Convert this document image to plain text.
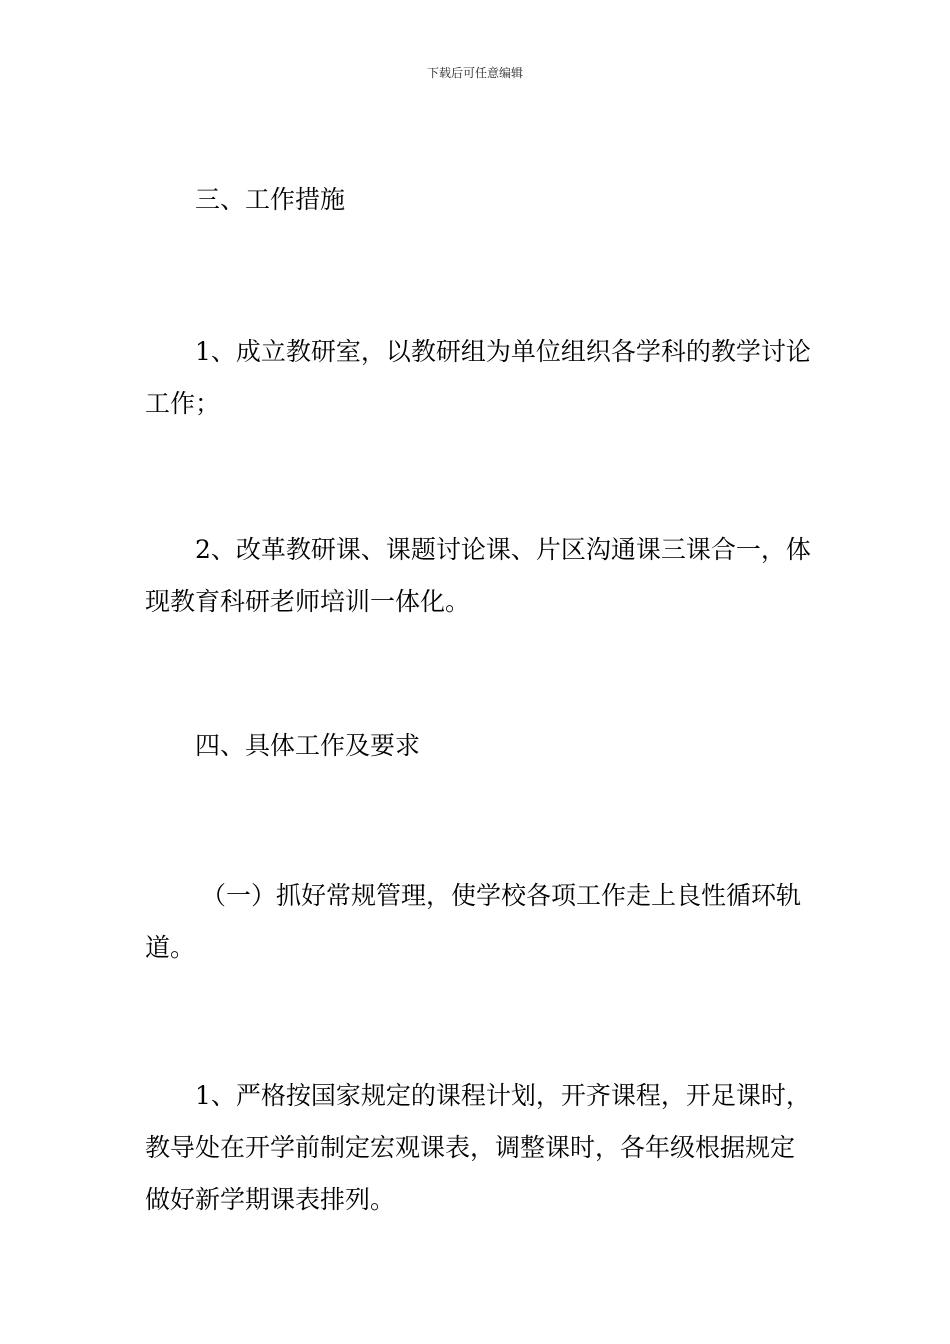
下载后可任意编辑

三、工作措施

1、成立教研室，以教研组为单位组织各学科的教学讨论工作；

2、改革教研课、课题讨论课、片区沟通课三课合一，体现教育科研老师培训一体化。

四、具体工作及要求

（一）抓好常规管理，使学校各项工作走上良性循环轨道。

1、严格按国家规定的课程计划，开齐课程，开足课时，教导处在开学前制定宏观课表，调整课时，各年级根据规定做好新学期课表排列。
